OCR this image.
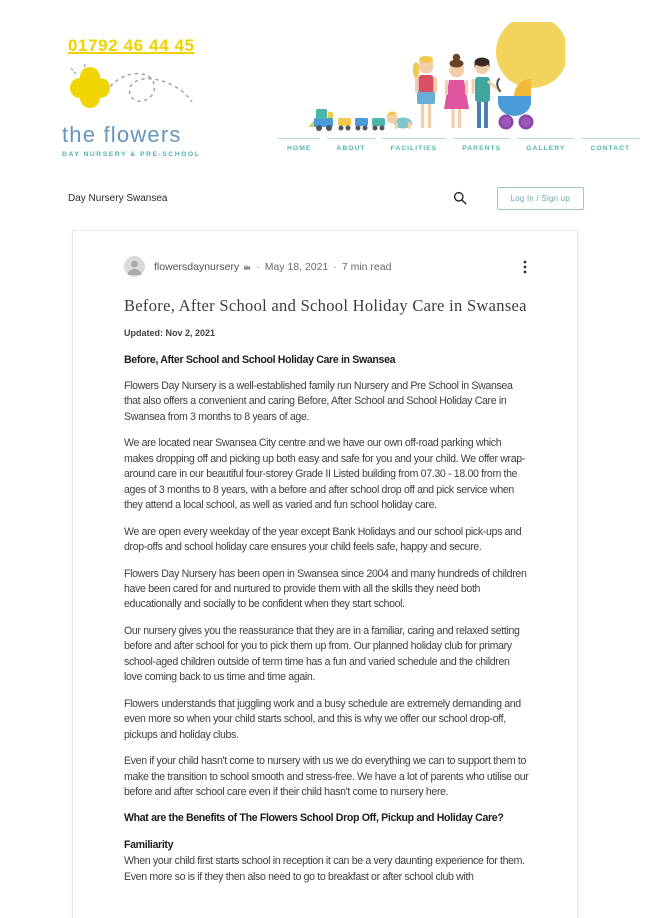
01792 46 44 45
the flowers
DAY NURSERY & PRE-SCHOOL
HOME	ABOUT	FACILITIES	PARENTS	GALLERY	CONTACT
Day Nursery Swansea	Log In / Sign up
flowersdaynursery · May 18, 2021 · 7 min read
Before, After School and School Holiday Care in Swansea
Updated: Nov 2, 2021
Before, After School and School Holiday Care in Swansea

Flowers Day Nursery is a well-established family run Nursery and Pre School in Swansea that also offers a convenient and caring Before, After School and School Holiday Care in Swansea from 3 months to 8 years of age.

We are located near Swansea City centre and we have our own off-road parking which makes dropping off and picking up both easy and safe for you and your child. We offer wrap-around care in our beautiful four-storey Grade II Listed building from 07.30 - 18.00 from the ages of 3 months to 8 years, with a before and after school drop off and pick service when they attend a local school, as well as varied and fun school holiday care.

We are open every weekday of the year except Bank Holidays and our school pick-ups and drop-offs and school holiday care ensures your child feels safe, happy and secure.

Flowers Day Nursery has been open in Swansea since 2004 and many hundreds of children have been cared for and nurtured to provide them with all the skills they need both educationally and socially to be confident when they start school.

Our nursery gives you the reassurance that they are in a familiar, caring and relaxed setting before and after school for you to pick them up from. Our planned holiday club for primary school-aged children outside of term time has a fun and varied schedule and the children love coming back to us time and time again.

Flowers understands that juggling work and a busy schedule are extremely demanding and even more so when your child starts school, and this is why we offer our school drop-off, pickups and holiday clubs.

Even if your child hasn't come to nursery with us we do everything we can to support them to make the transition to school smooth and stress-free. We have a lot of parents who utilise our before and after school care even if their child hasn't come to nursery here.

What are the Benefits of The Flowers School Drop Off, Pickup and Holiday Care?
Familiarity

When your child first starts school in reception it can be a very daunting experience for them. Even more so is if they then also need to go to breakfast or after school club with
